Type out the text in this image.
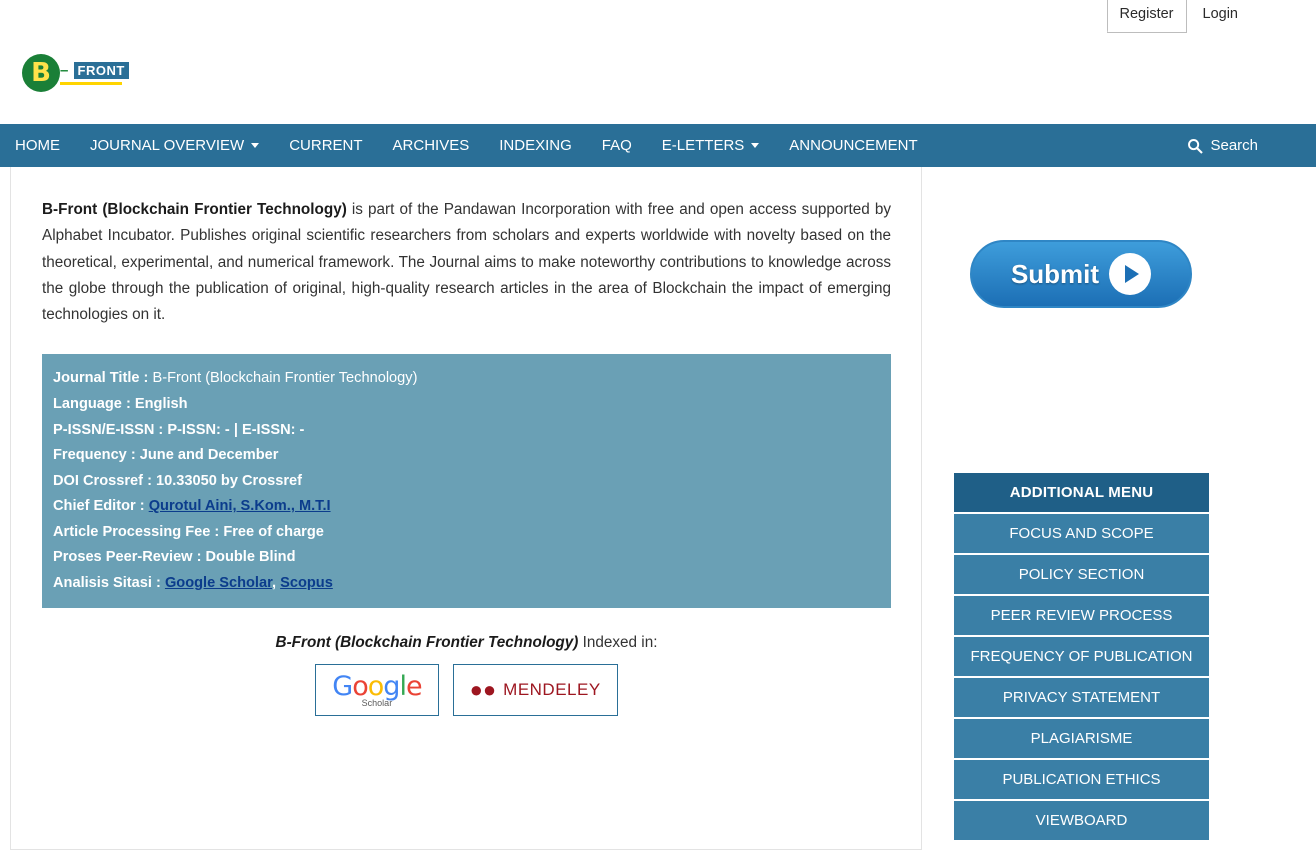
Register	Login
B – FRONT
HOME JOURNAL OVERVIEW	CURRENT ARCHIVES INDEXING FAQ E-LETTERS	ANNOUNCEMENT	Search

B-Front (Blockchain Frontier Technology) is part of the Pandawan Incorporation with free and open access supported by Alphabet Incubator. Publishes original scientific researchers from scholars and experts worldwide with novelty based on the theoretical, experimental, and numerical framework. The Journal aims to make noteworthy contributions to knowledge across the globe through the publication of original, high-quality research articles in the area of Blockchain the impact of emerging technologies on it.

Journal Title : B-Front (Blockchain Frontier Technology)
Language : English
P-ISSN/E-ISSN : P-ISSN: - | E-ISSN: -
Frequency : June and December
DOI Crossref : 10.33050 by Crossref
Chief Editor : Qurotul Aini, S.Kom., M.T.I
Article Processing Fee : Free of charge
Proses Peer-Review : Double Blind
Analisis Sitasi : Google Scholar, Scopus
B-Front (Blockchain Frontier Technology) Indexed in:
Google
Scholar
●● MENDELEY
Submit
ADDITIONAL MENU
FOCUS AND SCOPE
POLICY SECTION
PEER REVIEW PROCESS
FREQUENCY OF PUBLICATION
PRIVACY STATEMENT
PLAGIARISME
PUBLICATION ETHICS
VIEWBOARD
